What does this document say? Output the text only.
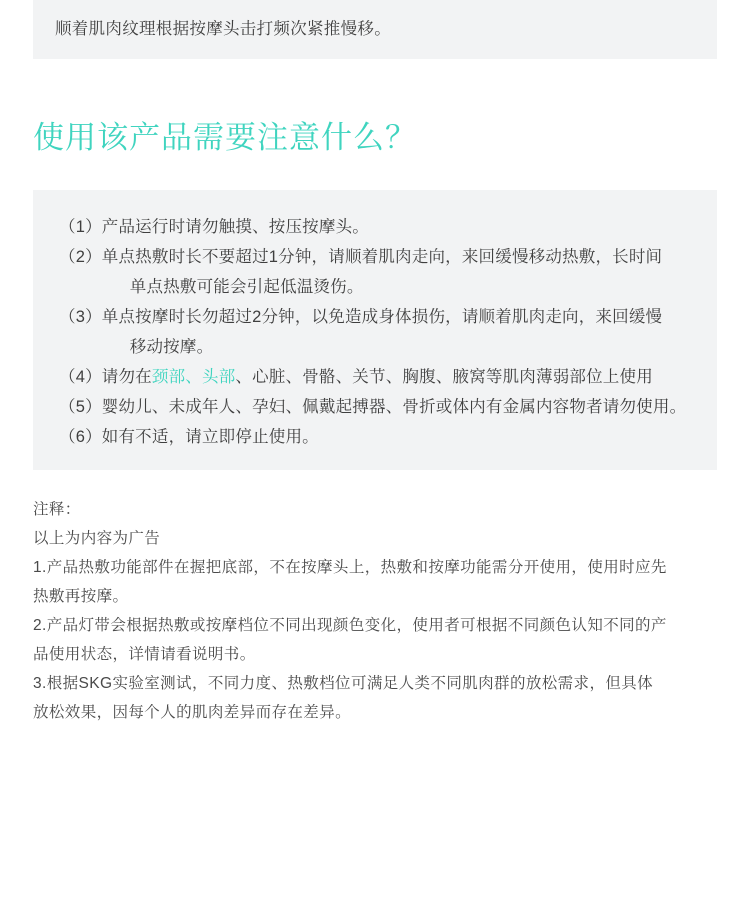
顺着肌肉纹理根据按摩头击打频次紧推慢移。
使用该产品需要注意什么？
（1） 产品运行时请勿触摸、按压按摩头。
（2） 单点热敷时长不要超过1分钟，请顺着肌肉走向，来回缓慢移动热敷，长时间
单点热敷可能会引起低温烫伤。
（3） 单点按摩时长勿超过2分钟，以免造成身体损伤，请顺着肌肉走向，来回缓慢
移动按摩。
（4） 请勿在颈部、头部、心脏、骨骼、关节、胸腹、腋窝等肌肉薄弱部位上使用
（5） 婴幼儿、未成年人、孕妇、佩戴起搏器、骨折或体内有金属内容物者请勿使用。
（6） 如有不适，请立即停止使用。
注释：
以上为内容为广告
1.产品热敷功能部件在握把底部，不在按摩头上，热敷和按摩功能需分开使用，使用时应先
热敷再按摩。
2.产品灯带会根据热敷或按摩档位不同出现颜色变化，使用者可根据不同颜色认知不同的产
品使用状态，详情请看说明书。
3.根据SKG实验室测试，不同力度、热敷档位可满足人类不同肌肉群的放松需求，但具体
放松效果，因每个人的肌肉差异而存在差异。
